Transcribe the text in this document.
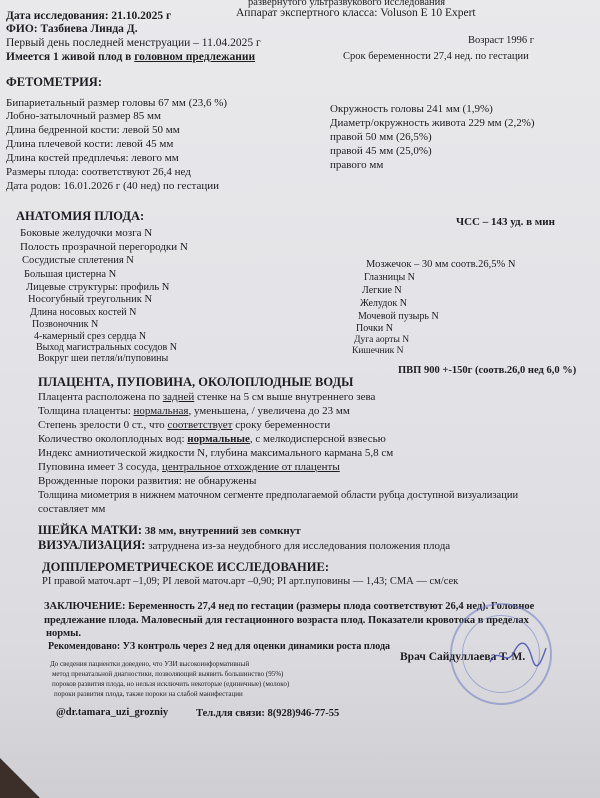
развернутого ультразвукового исследования
Аппарат экспертного класса: Voluson E 10 Expert
Дата исследования: 21.10.2025 г
ФИО: Тазбиева Линда Д.
Возраст 1996 г
Первый день последней менструации – 11.04.2025 г
Срок беременности 27,4 нед. по гестации
Имеется 1 живой плод в головном предлежании
ФЕТОМЕТРИЯ:
Бипариетальный размер головы 67 мм (23,6 %)
Лобно-затылочный размер 85 мм
Длина бедренной кости: левой 50 мм
Длина плечевой кости: левой 45 мм
Длина костей предплечья: левого мм
Размеры плода: соответствуют 26,4 нед
Дата родов: 16.01.2026 г (40 нед) по гестации
Окружность головы 241 мм (1,9%)
Диаметр/окружность живота 229 мм (2,2%)
правой 50 мм (26,5%)
правой 45 мм (25,0%)
правого мм
АНАТОМИЯ ПЛОДА:	ЧСС – 143 уд. в мин
Боковые желудочки мозга N
Полость прозрачной перегородки N
Сосудистые сплетения N
Большая цистерна N
Лицевые структуры: профиль N
Носогубный треугольник N
Длина носовых костей N
Позвоночник N
4-камерный срез сердца N
Выход магистральных сосудов N
Вокруг шеи петля/и/пуповины
Мозжечок – 30 мм соотв.26,5% N
Глазницы N
Легкие N
Желудок N
Мочевой пузырь N
Почки N
Дуга аорты N
Кишечник N
ПВП 900 +-150г (соотв.26,0 нед 6,0 %)
ПЛАЦЕНТА, ПУПОВИНА, ОКОЛОПЛОДНЫЕ ВОДЫ
Плацента расположена по задней стенке на 5 см выше внутреннего зева
Толщина плаценты: нормальная, уменьшена, / увеличена до 23 мм
Степень зрелости 0 ст., что соответствует сроку беременности
Количество околоплодных вод: нормальные, с мелкодисперсной взвесью
Индекс амниотической жидкости N, глубина максимального кармана 5,8 см
Пуповина имеет 3 сосуда, центральное отхождение от плаценты
Врожденные пороки развития: не обнаружены
Толщина миометрия в нижнем маточном сегменте предполагаемой области рубца доступной визуализации
составляет мм
ШЕЙКА МАТКИ: 38 мм, внутренний зев сомкнут
ВИЗУАЛИЗАЦИЯ: затруднена из-за неудобного для исследования положения плода
ДОППЛЕРОМЕТРИЧЕСКОЕ ИССЛЕДОВАНИЕ:
PI правой маточ.арт –1,09; PI левой маточ.арт –0,90; PI арт.пуповины — 1,43; СМА — см/сек
ЗАКЛЮЧЕНИЕ: Беременность 27,4 нед по гестации (размеры плода соответствуют 26,4 нед). Головное
предлежание плода. Маловесный для гестационного возраста плод. Показатели кровотока в пределах
нормы.
Рекомендовано: УЗ контроль через 2 нед для оценки динамики роста плода
До сведения пациентки доведено, что УЗИ высокоинформативный
метод пренатальной диагностики, позволяющий выявить большинство (95%)
пороков развития плода, но нельзя исключить некоторые (единичные) (молоко)
пороки развития плода, также пороки на слабой манифестации
Врач Сайдуллаева Т. М.
@dr.tamara_uzi_grozniy	Тел.для связи: 8(928)946-77-55
